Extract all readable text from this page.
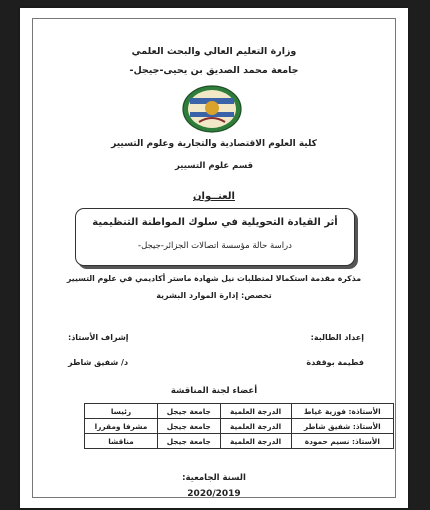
وزارة التعليم العالي والبحث العلمي
جامعة محمد الصديق بن يحيى-جيجل-
كلية العلوم الاقتصادية والتجارية وعلوم التسيير
قسم علوم التسيير
العنــوان
أثر القيادة التحويلية في سلوك المواطنة التنظيمية
دراسة حالة مؤسسة اتصالات الجزائر-جيجل-
مذكرة مقدمة استكمالا لمتطلبات نيل شهادة ماستر أكاديمي في علوم التسيير
تخصص: إدارة الموارد البشرية
إعداد الطالبة:
إشراف الأستاذ:
فطيمة بوقفدة
د/ شفيق شاطر
أعضاء لجنة المناقشة
الأستاذة: فوزية غياط	الدرجة العلمية	جامعة جيجل	رئيسا
الأستاذ: شفيق شاطر	الدرجة العلمية	جامعة جيجل	مشرفا ومقررا
الأستاذ: نسيم حمودة	الدرجة العلمية	جامعة جيجل	مناقشا
السنة الجامعية:
2020/2019
